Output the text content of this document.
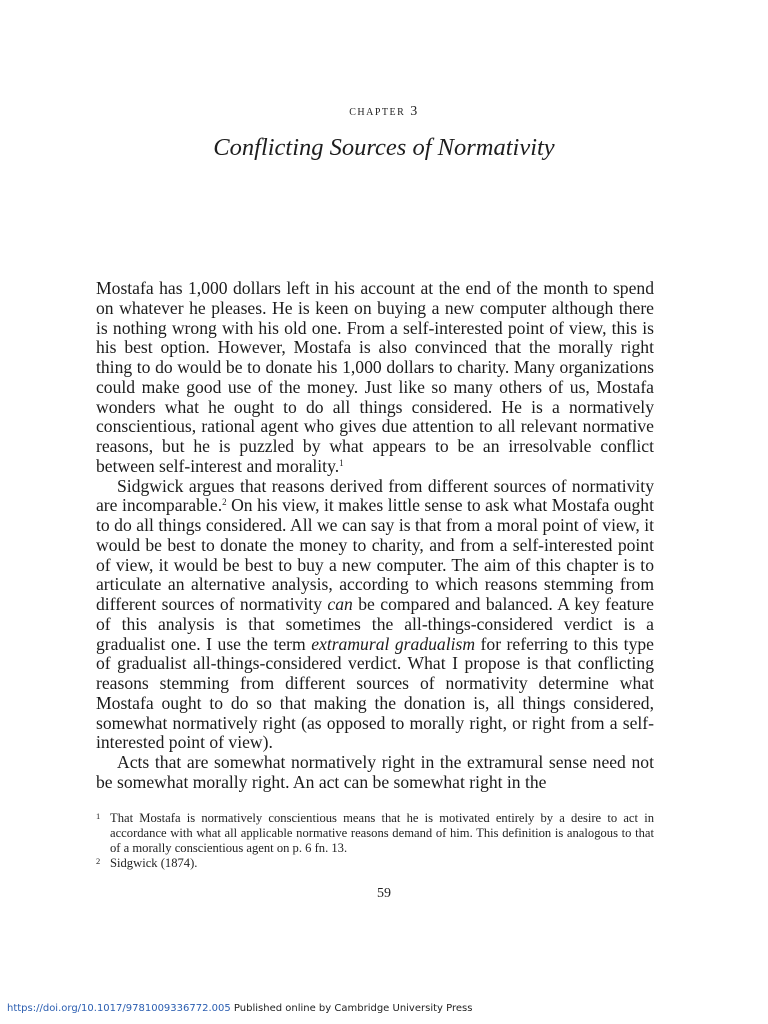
chapter 3
Conflicting Sources of Normativity

Mostafa has 1,000 dollars left in his account at the end of the month to spend on whatever he pleases. He is keen on buying a new computer although there is nothing wrong with his old one. From a self-interested point of view, this is his best option. However, Mostafa is also convinced that the morally right thing to do would be to donate his 1,000 dollars to charity. Many organizations could make good use of the money. Just like so many others of us, Mostafa wonders what he ought to do all things considered. He is a normatively conscientious, rational agent who gives due attention to all relevant normative reasons, but he is puzzled by what appears to be an irresolvable conflict between self-interest and morality.$^1$

Sidgwick argues that reasons derived from different sources of normativity are incomparable.$^2$ On his view, it makes little sense to ask what Mostafa ought to do all things considered. All we can say is that from a moral point of view, it would be best to donate the money to charity, and from a self-interested point of view, it would be best to buy a new computer. The aim of this chapter is to articulate an alternative analysis, according to which reasons stemming from different sources of normativity can be compared and balanced. A key feature of this analysis is that sometimes the all-things-considered verdict is a gradualist one. I use the term extramural gradualism for referring to this type of gradualist all-things-considered verdict. What I propose is that conflicting reasons stemming from different sources of normativity determine what Mostafa ought to do so that making the donation is, all things considered, somewhat normatively right (as opposed to morally right, or right from a self-interested point of view).

Acts that are somewhat normatively right in the extramural sense need not be somewhat morally right. An act can be somewhat right in the

1 That Mostafa is normatively conscientious means that he is motivated entirely by a desire to act in accordance with what all applicable normative reasons demand of him. This definition is analogous to that of a morally conscientious agent on p. 6 fn. 13.
2 Sidgwick (1874).
59
https://doi.org/10.1017/9781009336772.005 Published online by Cambridge University Press
